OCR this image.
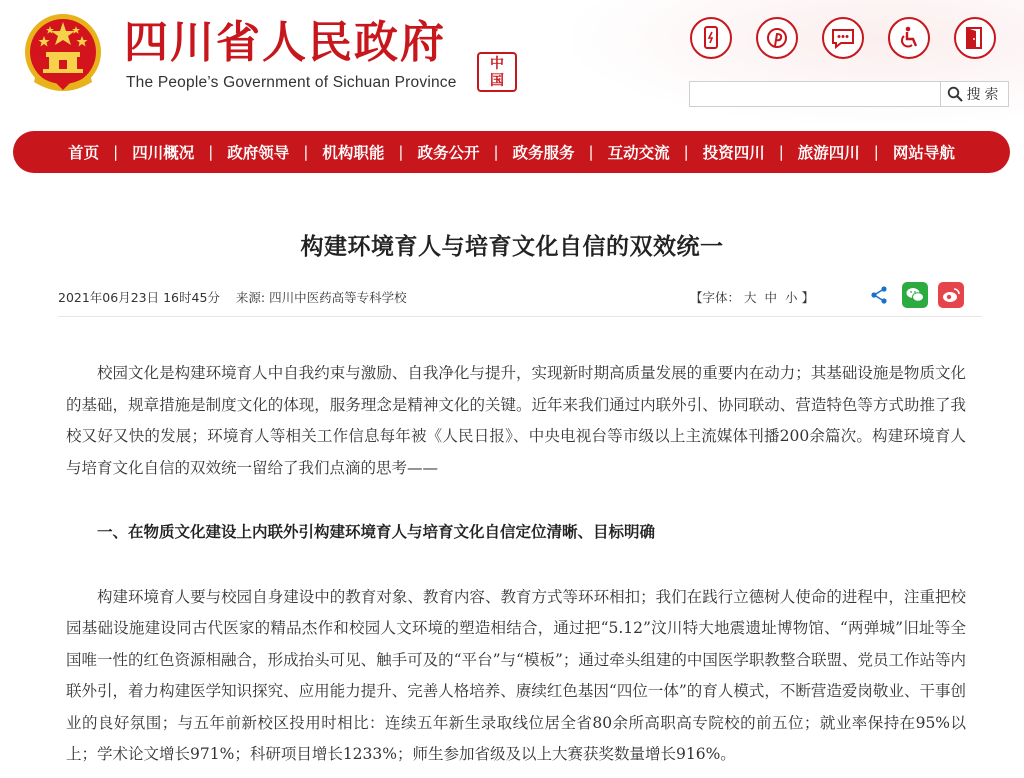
四川省人民政府
The People’s Government of Sichuan Province
中
国
搜索
首页 | 四川概况 | 政府领导 | 机构职能 | 政务公开 | 政务服务 | 互动交流 | 投资四川 | 旅游四川 | 网站导航
构建环境育人与培育文化自信的双效统一
2021年06月23日 16时45分 来源: 四川中医药高等专科学校	【字体： 大 中 小 】

校园文化是构建环境育人中自我约束与激励、自我净化与提升，实现新时期高质量发展的重要内在动力；其基础设施是物质文化的基础，规章措施是制度文化的体现，服务理念是精神文化的关键。近年来我们通过内联外引、协同联动、营造特色等方式助推了我校又好又快的发展；环境育人等相关工作信息每年被《人民日报》、中央电视台等市级以上主流媒体刊播200余篇次。构建环境育人与培育文化自信的双效统一留给了我们点滴的思考——

一、在物质文化建设上内联外引构建环境育人与培育文化自信定位清晰、目标明确

构建环境育人要与校园自身建设中的教育对象、教育内容、教育方式等环环相扣；我们在践行立德树人使命的进程中，注重把校园基础设施建设同古代医家的精品杰作和校园人文环境的塑造相结合，通过把“5.12”汶川特大地震遗址博物馆、“两弹城”旧址等全国唯一性的红色资源相融合，形成抬头可见、触手可及的“平台”与“模板”；通过牵头组建的中国医学职教整合联盟、党员工作站等内联外引，着力构建医学知识探究、应用能力提升、完善人格培养、赓续红色基因“四位一体”的育人模式，不断营造爱岗敬业、干事创业的良好氛围；与五年前新校区投用时相比：连续五年新生录取线位居全省80余所高职高专院校的前五位；就业率保持在95%以上；学术论文增长971%；科研项目增长1233%；师生参加省级及以上大赛获奖数量增长916%。
